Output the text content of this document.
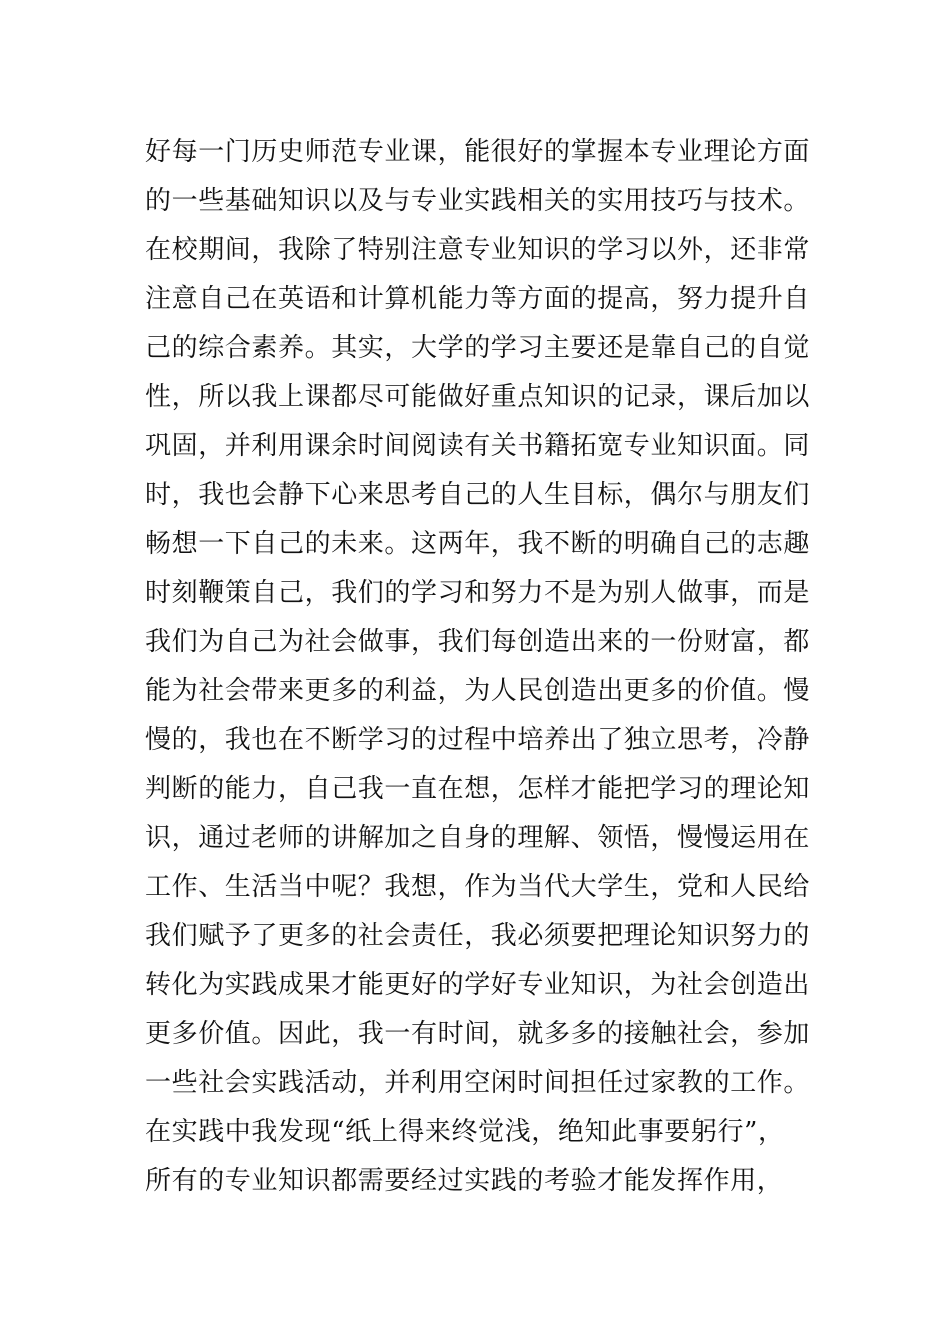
好每一门历史师范专业课，能很好的掌握本专业理论方面
的一些基础知识以及与专业实践相关的实用技巧与技术。
在校期间，我除了特别注意专业知识的学习以外，还非常
注意自己在英语和计算机能力等方面的提高，努力提升自
己的综合素养。其实，大学的学习主要还是靠自己的自觉
性，所以我上课都尽可能做好重点知识的记录，课后加以
巩固，并利用课余时间阅读有关书籍拓宽专业知识面。同
时，我也会静下心来思考自己的人生目标，偶尔与朋友们
畅想一下自己的未来。这两年，我不断的明确自己的志趣
时刻鞭策自己，我们的学习和努力不是为别人做事，而是
我们为自己为社会做事，我们每创造出来的一份财富，都
能为社会带来更多的利益，为人民创造出更多的价值。慢
慢的，我也在不断学习的过程中培养出了独立思考，冷静
判断的能力，自己我一直在想，怎样才能把学习的理论知
识，通过老师的讲解加之自身的理解、领悟，慢慢运用在
工作、生活当中呢？我想，作为当代大学生，党和人民给
我们赋予了更多的社会责任，我必须要把理论知识努力的
转化为实践成果才能更好的学好专业知识，为社会创造出
更多价值。因此，我一有时间，就多多的接触社会，参加
一些社会实践活动，并利用空闲时间担任过家教的工作。
在实践中我发现“纸上得来终觉浅，绝知此事要躬行”，
所有的专业知识都需要经过实践的考验才能发挥作用，
